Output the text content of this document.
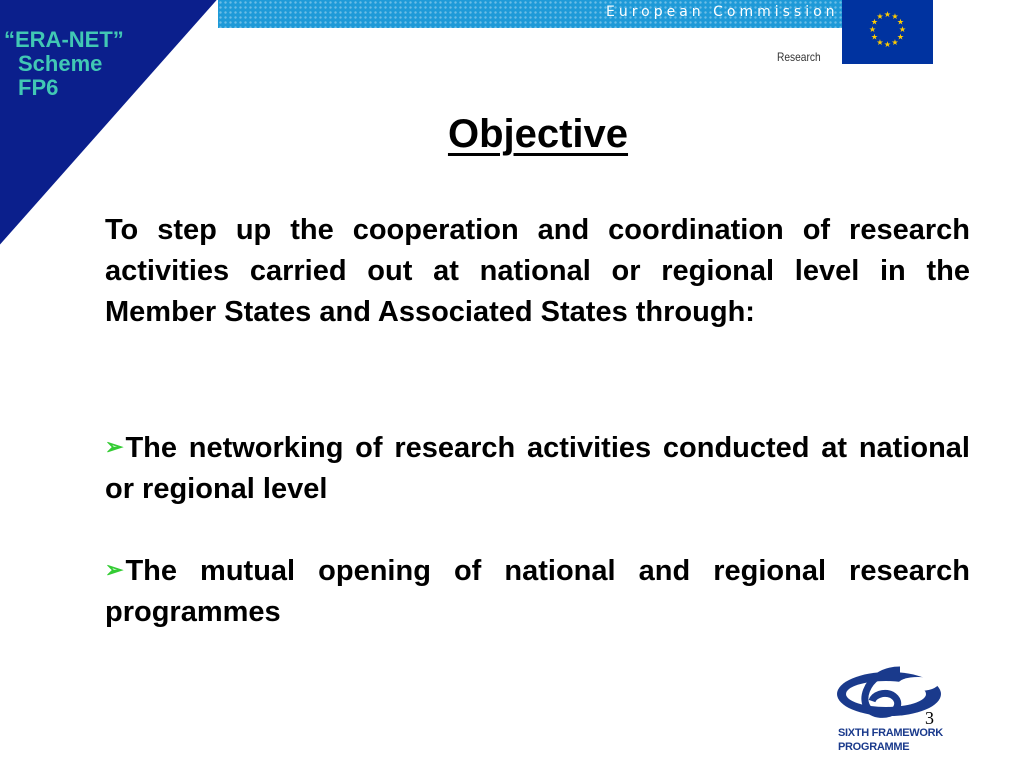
“ERA-NET”
Scheme
FP6
European Commission	★ ★
★
★
★
★
★
★
★
★
★
★
Research
Objective
To step up the cooperation and coordination of research activities carried out at national or regional level in the Member States and Associated States through:
➢The networking of research activities conducted at national or regional level
➢The mutual opening of national and regional research programmes
3
SIXTH FRAMEWORK
PROGRAMME
